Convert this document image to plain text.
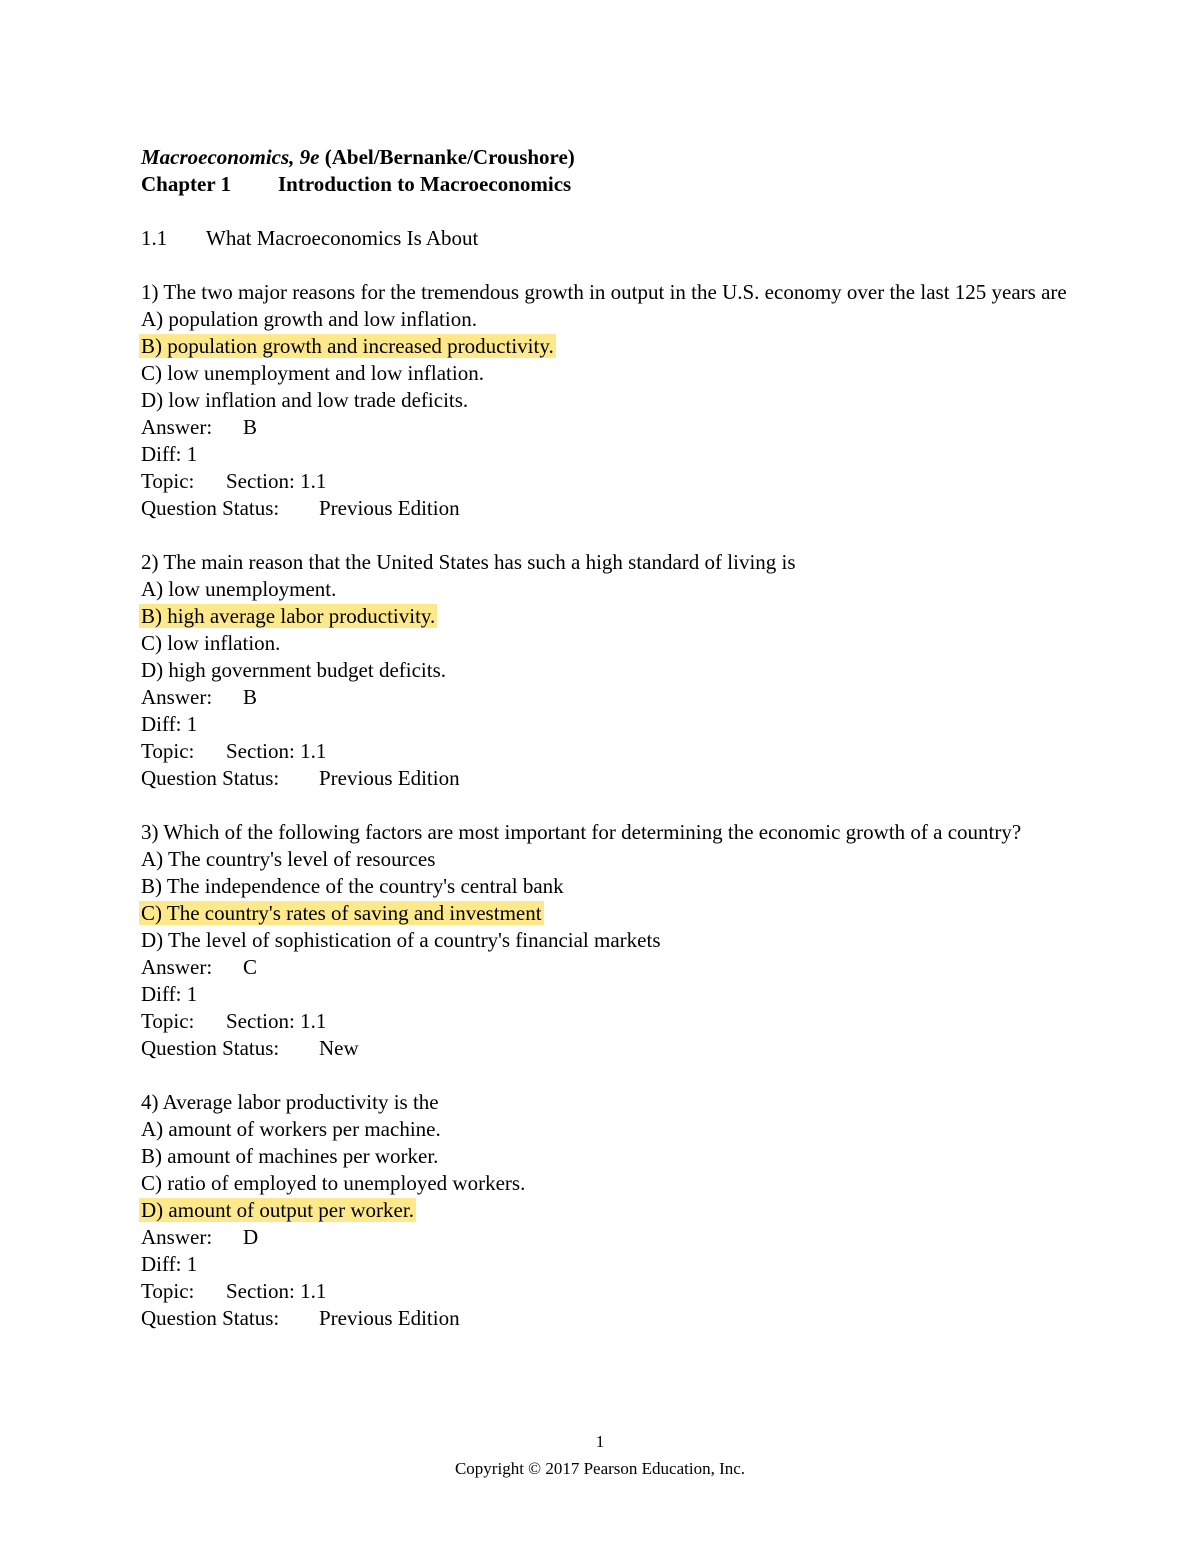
Macroeconomics, 9e (Abel/Bernanke/Croushore)
Chapter 1 Introduction to Macroeconomics
1.1 What Macroeconomics Is About
1) The two major reasons for the tremendous growth in output in the U.S. economy over the last 125 years are
A) population growth and low inflation.
B) population growth and increased productivity.
C) low unemployment and low inflation.
D) low inflation and low trade deficits.
Answer: B
Diff: 1
Topic: Section: 1.1
Question Status: Previous Edition
2) The main reason that the United States has such a high standard of living is
A) low unemployment.
B) high average labor productivity.
C) low inflation.
D) high government budget deficits.
Answer: B
Diff: 1
Topic: Section: 1.1
Question Status: Previous Edition
3) Which of the following factors are most important for determining the economic growth of a country?
A) The country's level of resources
B) The independence of the country's central bank
C) The country's rates of saving and investment
D) The level of sophistication of a country's financial markets
Answer: C
Diff: 1
Topic: Section: 1.1
Question Status: New
4) Average labor productivity is the
A) amount of workers per machine.
B) amount of machines per worker.
C) ratio of employed to unemployed workers.
D) amount of output per worker.
Answer: D
Diff: 1
Topic: Section: 1.1
Question Status: Previous Edition
1
Copyright © 2017 Pearson Education, Inc.
